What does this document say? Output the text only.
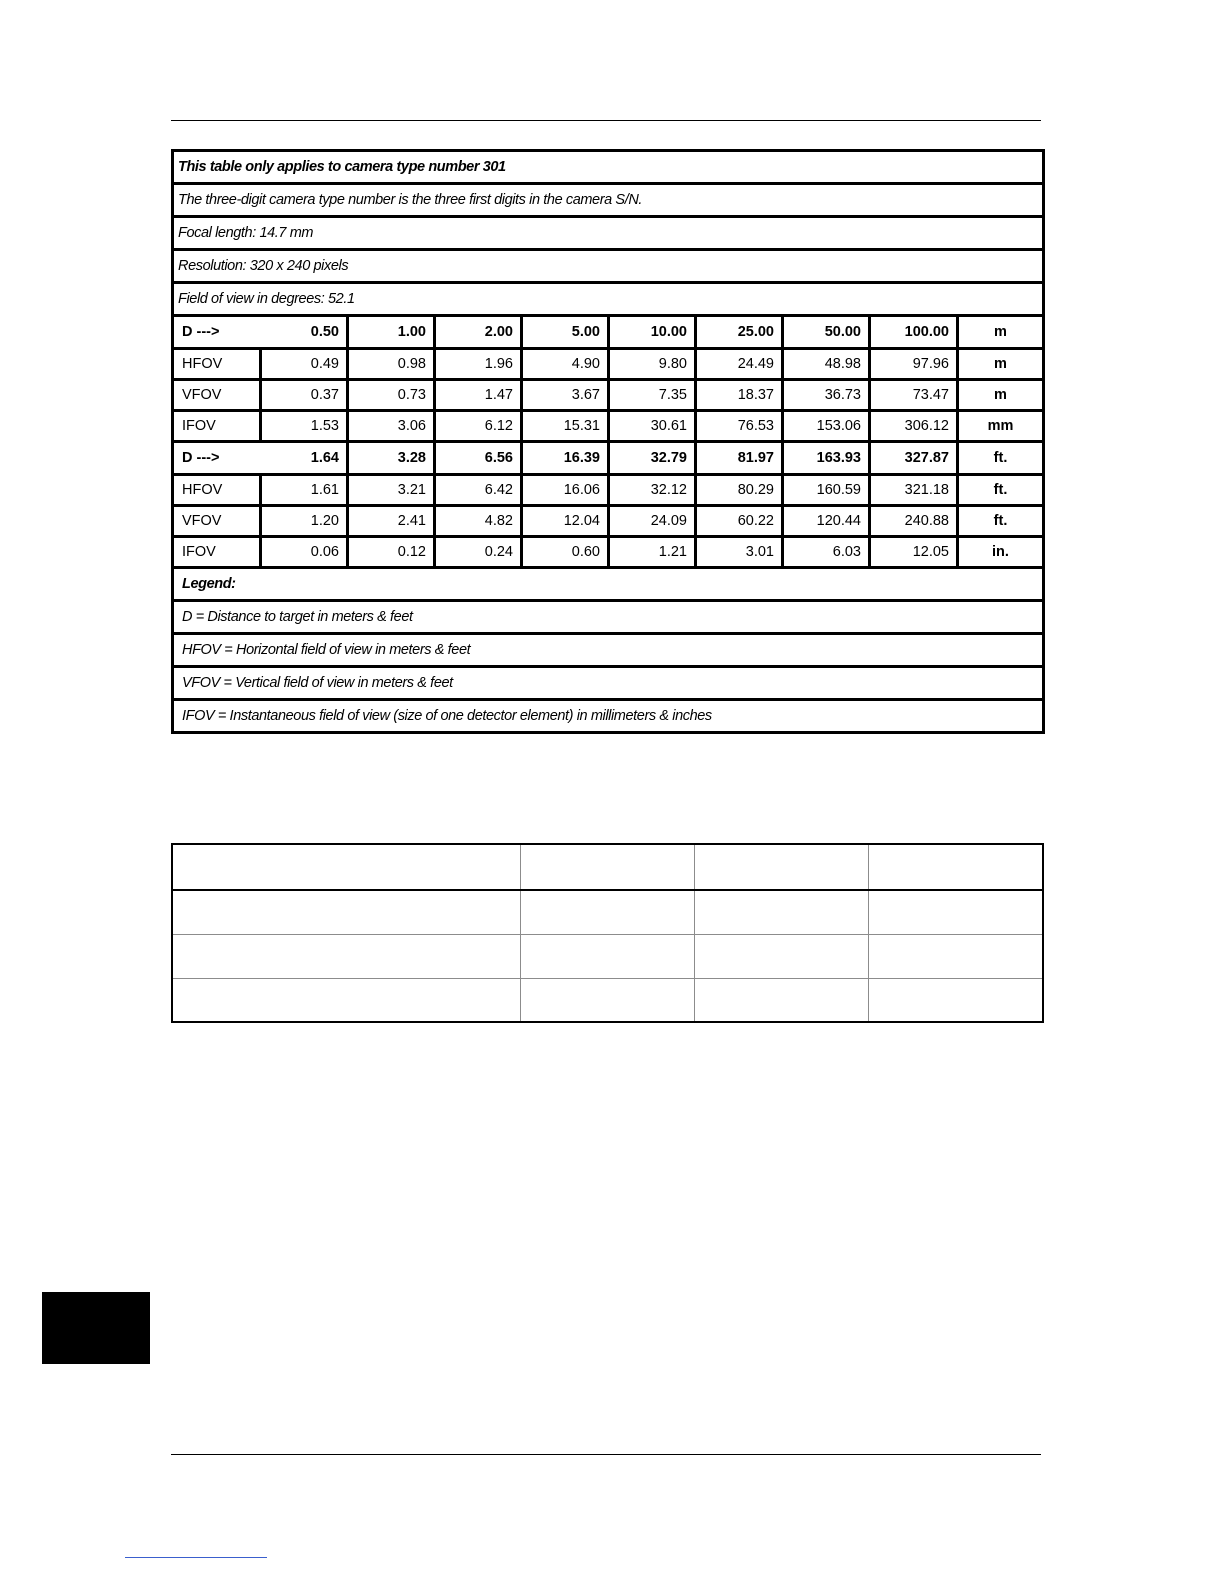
This table only applies to camera type number 301									
The three-digit camera type number is the three first digits in the camera S/N.									
Focal length: 14.7 mm									
Resolution: 320 x 240 pixels									
Field of view in degrees: 52.1									
D ---> 0.50		1.00	2.00	5.00	10.00	25.00	50.00	100.00	m
HFOV	0.49	0.98	1.96	4.90	9.80	24.49	48.98	97.96	m
VFOV	0.37	0.73	1.47	3.67	7.35	18.37	36.73	73.47	m
IFOV	1.53	3.06	6.12	15.31	30.61	76.53	153.06	306.12	mm
D ---> 1.64		3.28	6.56	16.39	32.79	81.97	163.93	327.87	ft.
HFOV	1.61	3.21	6.42	16.06	32.12	80.29	160.59	321.18	ft.
VFOV	1.20	2.41	4.82	12.04	24.09	60.22	120.44	240.88	ft.
IFOV	0.06	0.12	0.24	0.60	1.21	3.01	6.03	12.05	in.
Legend:									
D = Distance to target in meters & feet									
HFOV = Horizontal field of view in meters & feet									
VFOV = Vertical field of view in meters & feet									
IFOV = Instantaneous field of view (size of one detector element) in millimeters & inches									
